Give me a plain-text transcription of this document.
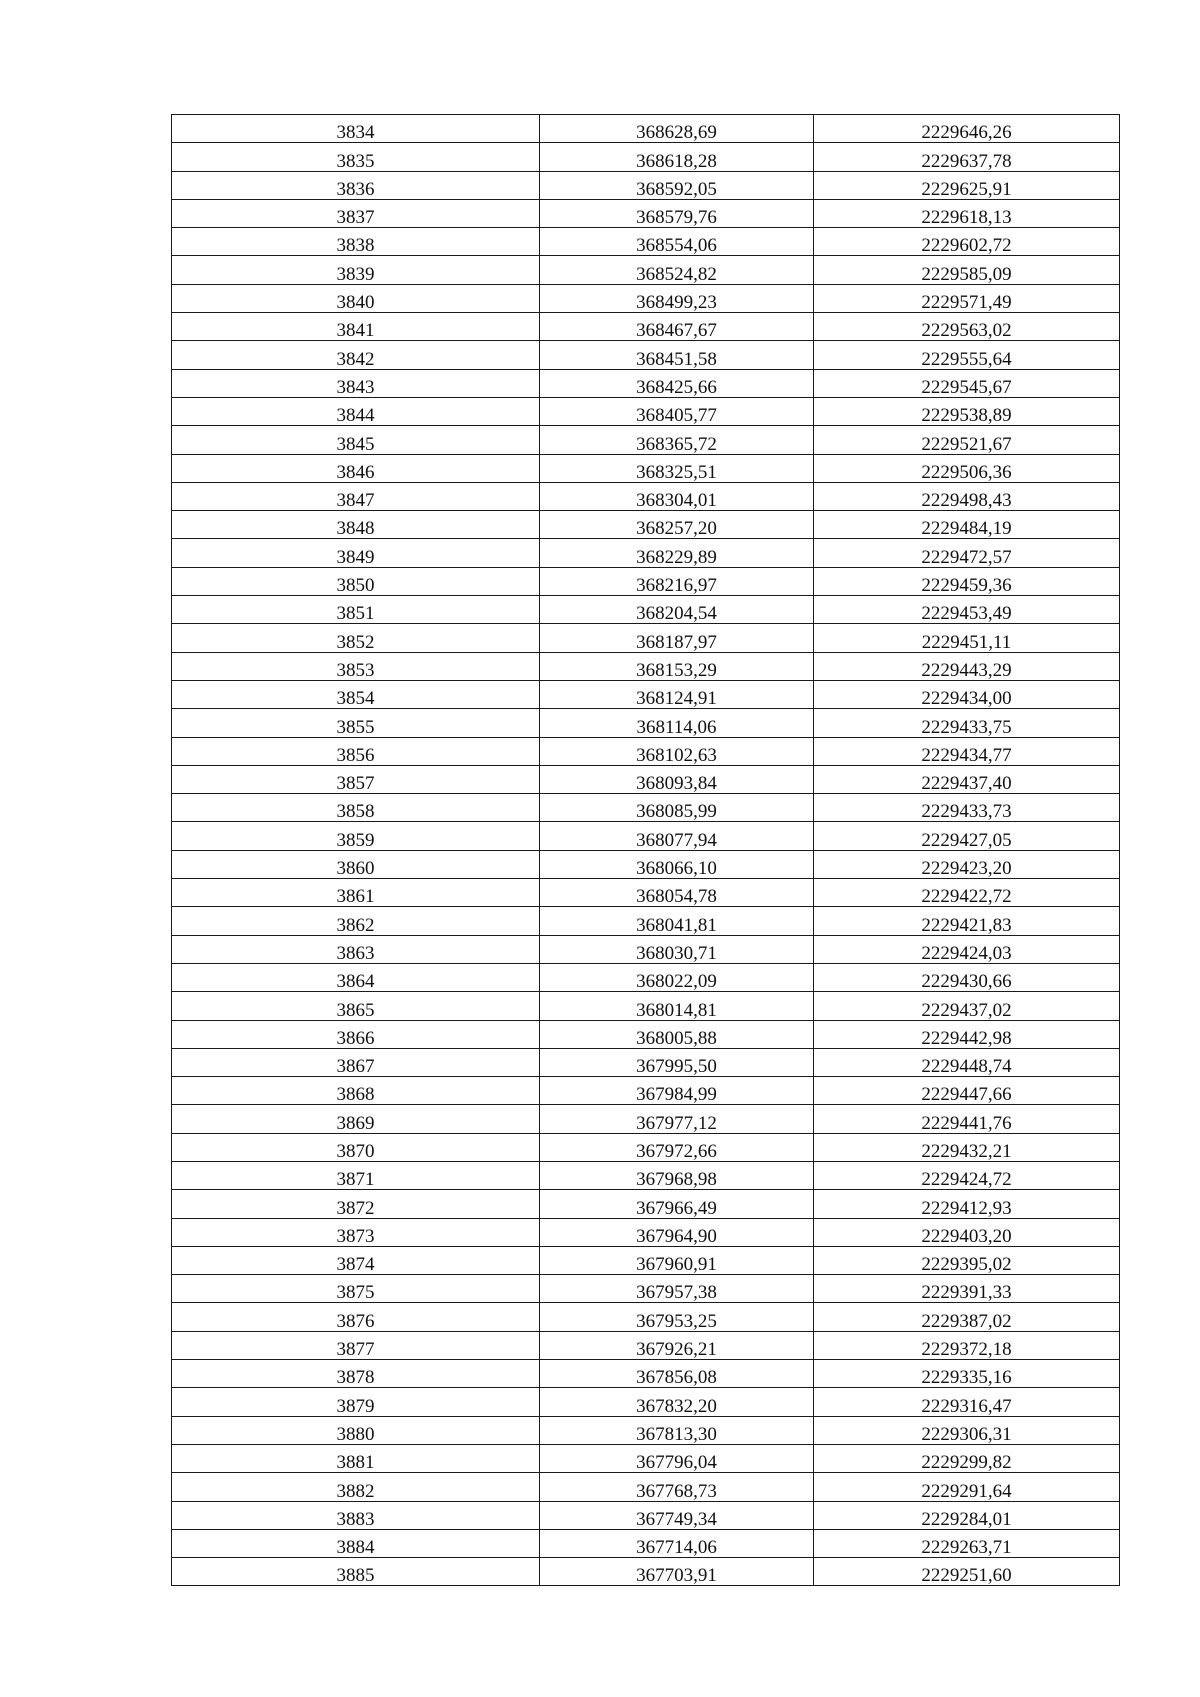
3834	368628,69	2229646,26
3835	368618,28	2229637,78
3836	368592,05	2229625,91
3837	368579,76	2229618,13
3838	368554,06	2229602,72
3839	368524,82	2229585,09
3840	368499,23	2229571,49
3841	368467,67	2229563,02
3842	368451,58	2229555,64
3843	368425,66	2229545,67
3844	368405,77	2229538,89
3845	368365,72	2229521,67
3846	368325,51	2229506,36
3847	368304,01	2229498,43
3848	368257,20	2229484,19
3849	368229,89	2229472,57
3850	368216,97	2229459,36
3851	368204,54	2229453,49
3852	368187,97	2229451,11
3853	368153,29	2229443,29
3854	368124,91	2229434,00
3855	368114,06	2229433,75
3856	368102,63	2229434,77
3857	368093,84	2229437,40
3858	368085,99	2229433,73
3859	368077,94	2229427,05
3860	368066,10	2229423,20
3861	368054,78	2229422,72
3862	368041,81	2229421,83
3863	368030,71	2229424,03
3864	368022,09	2229430,66
3865	368014,81	2229437,02
3866	368005,88	2229442,98
3867	367995,50	2229448,74
3868	367984,99	2229447,66
3869	367977,12	2229441,76
3870	367972,66	2229432,21
3871	367968,98	2229424,72
3872	367966,49	2229412,93
3873	367964,90	2229403,20
3874	367960,91	2229395,02
3875	367957,38	2229391,33
3876	367953,25	2229387,02
3877	367926,21	2229372,18
3878	367856,08	2229335,16
3879	367832,20	2229316,47
3880	367813,30	2229306,31
3881	367796,04	2229299,82
3882	367768,73	2229291,64
3883	367749,34	2229284,01
3884	367714,06	2229263,71
3885	367703,91	2229251,60
